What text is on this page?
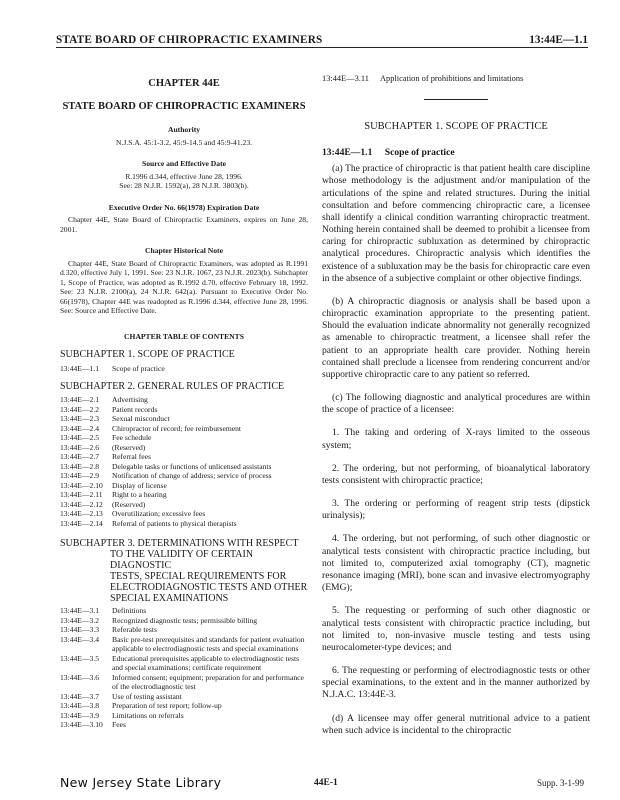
STATE BOARD OF CHIROPRACTIC EXAMINERS	13:44E—1.1
CHAPTER 44E
STATE BOARD OF CHIROPRACTIC EXAMINERS
Authority
N.J.S.A. 45:1-3.2, 45:9-14.5 and 45:9-41.23.
Source and Effective Date
R.1996 d.344, effective June 28, 1996.
See: 28 N.J.R. 1592(a), 28 N.J.R. 3803(b).
Executive Order No. 66(1978) Expiration Date
Chapter 44E, State Board of Chiropractic Examiners, expires on June 28, 2001.
Chapter Historical Note
Chapter 44E, State Board of Chiropractic Examiners, was adopted as R.1991 d.320, effective July 1, 1991. See: 23 N.J.R. 1067, 23 N.J.R. 2023(b). Subchapter 1, Scope of Practice, was adopted as R.1992 d.70, effective February 18, 1992. See: 23 N.J.R. 2100(a), 24 N.J.R. 642(a). Pursuant to Executive Order No. 66(1978), Chapter 44E was readopted as R.1996 d.344, effective June 28, 1996. See: Source and Effective Date.
CHAPTER TABLE OF CONTENTS
SUBCHAPTER 1. SCOPE OF PRACTICE
13:44E—1.1	Scope of practice
SUBCHAPTER 2. GENERAL RULES OF PRACTICE
13:44E—2.1	Advertising
13:44E—2.2	Patient records
13:44E—2.3	Sexual misconduct
13:44E—2.4	Chiropractor of record; fee reimbursement
13:44E—2.5	Fee schedule
13:44E—2.6	(Reserved)
13:44E—2.7	Referral fees
13:44E—2.8	Delegable tasks or functions of unlicensed assistants
13:44E—2.9	Notification of change of address; service of process
13:44E—2.10	Display of license
13:44E—2.11	Right to a hearing
13:44E—2.12	(Reserved)
13:44E—2.13	Overutilization; excessive fees
13:44E—2.14	Referral of patients to physical therapists
SUBCHAPTER 3. DETERMINATIONS WITH RESPECT
TO THE VALIDITY OF CERTAIN DIAGNOSTIC
TESTS, SPECIAL REQUIREMENTS FOR
ELECTRODIAGNOSTIC TESTS AND OTHER
SPECIAL EXAMINATIONS
13:44E—3.1	Definitions
13:44E—3.2	Recognized diagnostic tests; permissible billing
13:44E—3.3	Referable tests
13:44E—3.4	Basic pre-test prerequisites and standards for patient evaluation applicable to electrodiagnostic tests and special examinations
13:44E—3.5	Educational prerequisites applicable to electrodiagnostic tests and special examinations; certificate requirement
13:44E—3.6	Informed consent; equipment; preparation for and performance of the electrodiagnostic test
13:44E—3.7	Use of testing assistant
13:44E—3.8	Preparation of test report; follow-up
13:44E—3.9	Limitations on referrals
13:44E—3.10	Fees
13:44E—3.11	Application of prohibitions and limitations
SUBCHAPTER 1. SCOPE OF PRACTICE
13:44E—1.1 Scope of practice
(a) The practice of chiropractic is that patient health care discipline whose methodology is the adjustment and/or manipulation of the articulations of the spine and related structures. During the initial consultation and before commencing chiropractic care, a licensee shall identify a clinical condition warranting chiropractic treatment. Nothing herein contained shall be deemed to prohibit a licensee from caring for chiropractic subluxation as determined by chiropractic analytical procedures. Chiropractic analysis which identifies the existence of a subluxation may be the basis for chiropractic care even in the absence of a subjective complaint or other objective findings.
(b) A chiropractic diagnosis or analysis shall be based upon a chiropractic examination appropriate to the presenting patient. Should the evaluation indicate abnormality not generally recognized as amenable to chiropractic treatment, a licensee shall refer the patient to an appropriate health care provider. Nothing herein contained shall preclude a licensee from rendering concurrent and/or supportive chiropractic care to any patient so referred.
(c) The following diagnostic and analytical procedures are within the scope of practice of a licensee:
1. The taking and ordering of X-rays limited to the osseous system;
2. The ordering, but not performing, of bioanalytical laboratory tests consistent with chiropractic practice;
3. The ordering or performing of reagent strip tests (dipstick urinalysis);
4. The ordering, but not performing, of such other diagnostic or analytical tests consistent with chiropractic practice including, but not limited to, computerized axial tomography (CT), magnetic resonance imaging (MRI), bone scan and invasive electromyography (EMG);
5. The requesting or performing of such other diagnostic or analytical tests consistent with chiropractic practice including, but not limited to, non-invasive muscle testing and tests using neurocalometer-type devices; and
6. The requesting or performing of electrodiagnostic tests or other special examinations, to the extent and in the manner authorized by N.J.A.C. 13:44E-3.
(d) A licensee may offer general nutritional advice to a patient when such advice is incidental to the chiropractic
New Jersey State Library	44E-1	Supp. 3-1-99
